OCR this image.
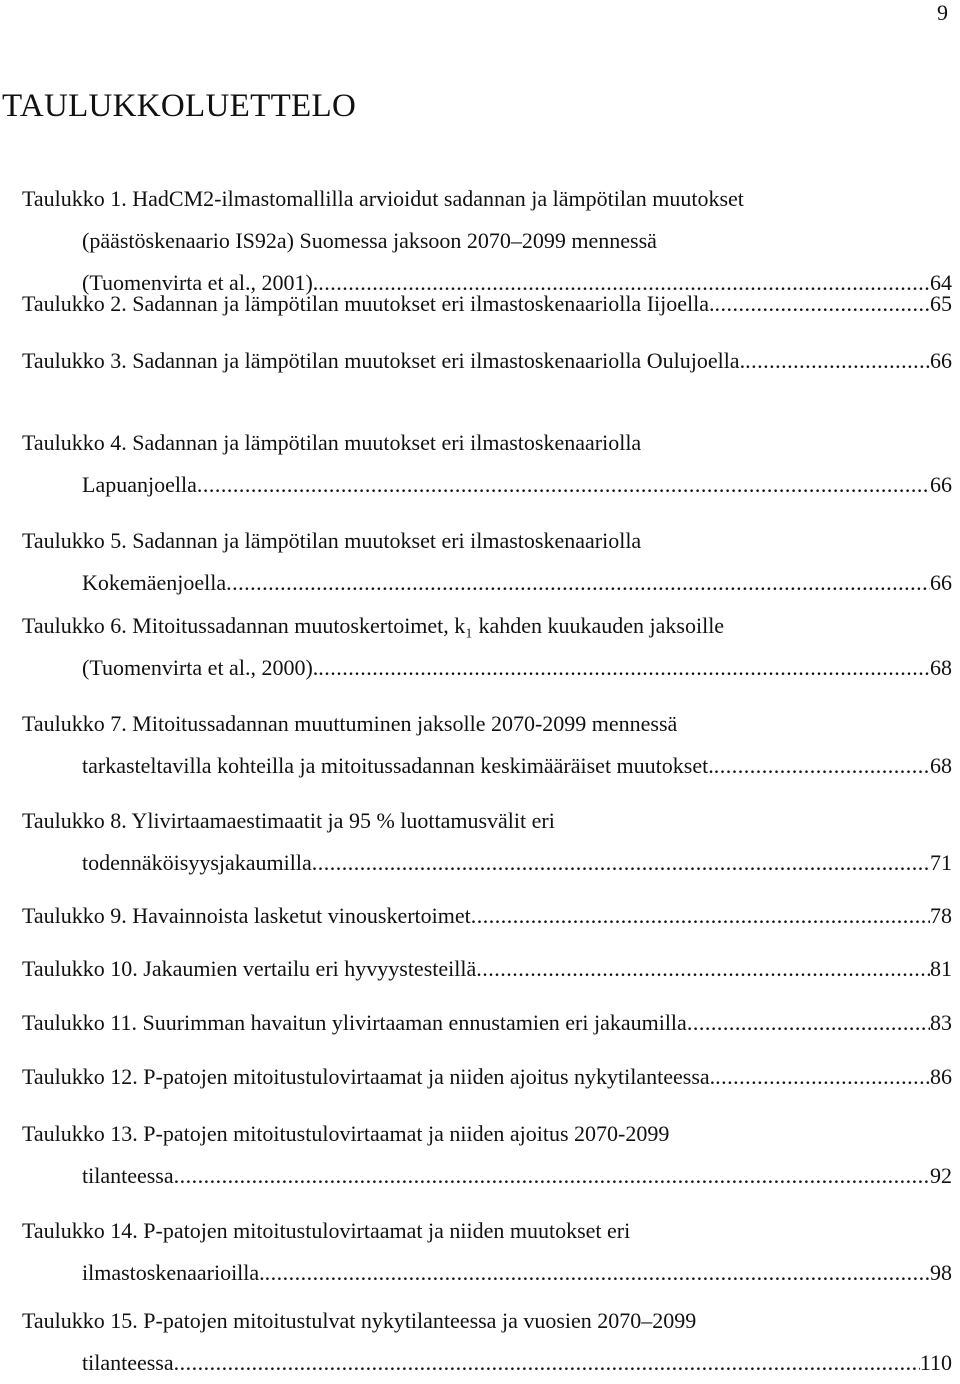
9
TAULUKKOLUETTELO
Taulukko 1. HadCM2-ilmastomallilla arvioidut sadannan ja lämpötilan muutokset
(päästöskenaario IS92a) Suomessa jaksoon 2070–2099 mennessä
(Tuomenvirta et al., 2001). .....	64
Taulukko 2. Sadannan ja lämpötilan muutokset eri ilmastoskenaariolla Iijoella. .....	65
Taulukko 3. Sadannan ja lämpötilan muutokset eri ilmastoskenaariolla Oulujoella. .....	66
Taulukko 4. Sadannan ja lämpötilan muutokset eri ilmastoskenaariolla
Lapuanjoella .....	66
Taulukko 5. Sadannan ja lämpötilan muutokset eri ilmastoskenaariolla
Kokemäenjoella .....	66
Taulukko 6. Mitoitussadannan muutoskertoimet, k₁ kahden kuukauden jaksoille
(Tuomenvirta et al., 2000). .....	68
Taulukko 7. Mitoitussadannan muuttuminen jaksolle 2070-2099 mennessä
tarkasteltavilla kohteilla ja mitoitussadannan keskimääräiset muutokset. .....	68
Taulukko 8. Ylivirtaamaestimaatit ja 95 % luottamusvälit eri
todennäköisyysjakaumilla .....	71
Taulukko 9. Havainnoista lasketut vinouskertoimet .....	78
Taulukko 10. Jakaumien vertailu eri hyvyystesteillä .....	81
Taulukko 11. Suurimman havaitun ylivirtaaman ennustamien eri jakaumilla .....	83
Taulukko 12. P-patojen mitoitustulovirtaamat ja niiden ajoitus nykytilanteessa. .....	86
Taulukko 13. P-patojen mitoitustulovirtaamat ja niiden ajoitus 2070-2099
tilanteessa .....	92
Taulukko 14. P-patojen mitoitustulovirtaamat ja niiden muutokset eri
ilmastoskenaarioilla. .....	98
Taulukko 15. P-patojen mitoitustulvat nykytilanteessa ja vuosien 2070–2099
tilanteessa .....	110
